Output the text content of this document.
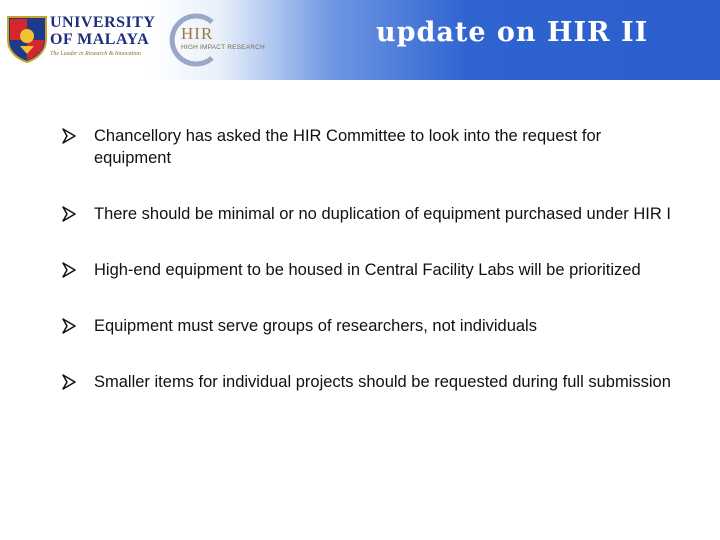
UNIVERSITY
OF MALAYA
The Leader in Research & Innovation
HIR
HIGH IMPACT RESEARCH	update on HIR II
Chancellory has asked the HIR Committee to look into the request for equipment
There should be minimal or no duplication of equipment purchased under HIR I
High-end equipment to be housed in Central Facility Labs will be prioritized
Equipment must serve groups of researchers, not individuals
Smaller items for individual projects should be requested during full submission
